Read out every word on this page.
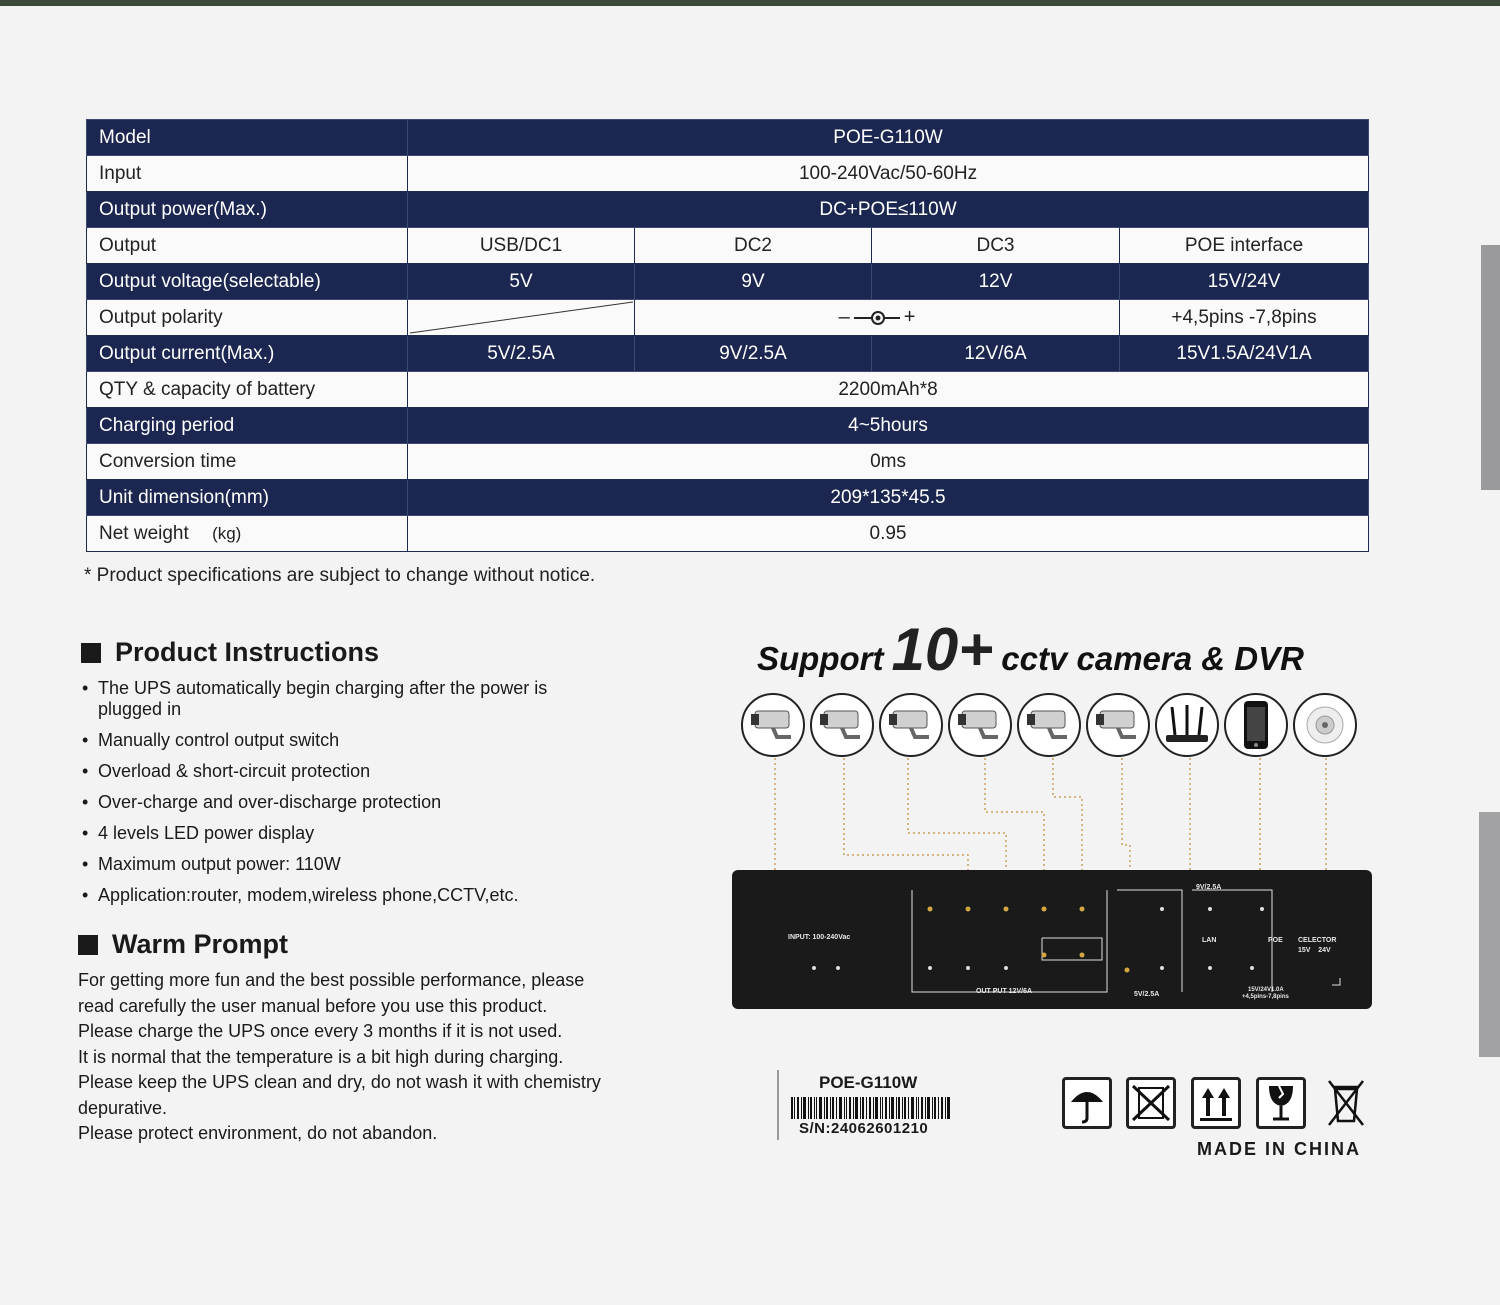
Model	POE-G110W			
Input	100-240Vac/50-60Hz			
Output power(Max.)	DC+POE≤110W			
Output	USB/DC1	DC2	DC3	POE interface
Output voltage(selectable)	5V	9V	12V	15V/24V
Output polarity		– +		+4,5pins -7,8pins
Output current(Max.)	5V/2.5A	9V/2.5A	12V/6A	15V1.5A/24V1A
QTY & capacity of battery	2200mAh*8			
Charging period	4~5hours			
Conversion time	0ms			
Unit dimension(mm)	209*135*45.5			
Net weight (kg)	0.95			
* Product specifications are subject to change without notice.
Product Instructions
• The UPS automatically begin charging after the power is plugged in
• Manually control output switch
• Overload & short-circuit protection
• Over-charge and over-discharge protection
• 4 levels LED power display
• Maximum output power: 110W
• Application:router, modem,wireless phone,CCTV,etc.
Warm Prompt

For getting more fun and the best possible performance, please read carefully the user manual before you use this product.

Please charge the UPS once every 3 months if it is not used.

It is normal that the temperature is a bit high during charging.

Please keep the UPS clean and dry, do not wash it with chemistry depurative.

Please protect environment, do not abandon.

Support 10+ cctv camera & DVR
INPUT: 100-240Vac
OUT PUT 12V/6A
9V/2.5A
5V/2.5A
LAN	POE CELECTOR
15V    24V
15V/24V1.0A
+4,5pins-7,8pins
POE-G110W
S/N:24062601210
MADE IN CHINA
